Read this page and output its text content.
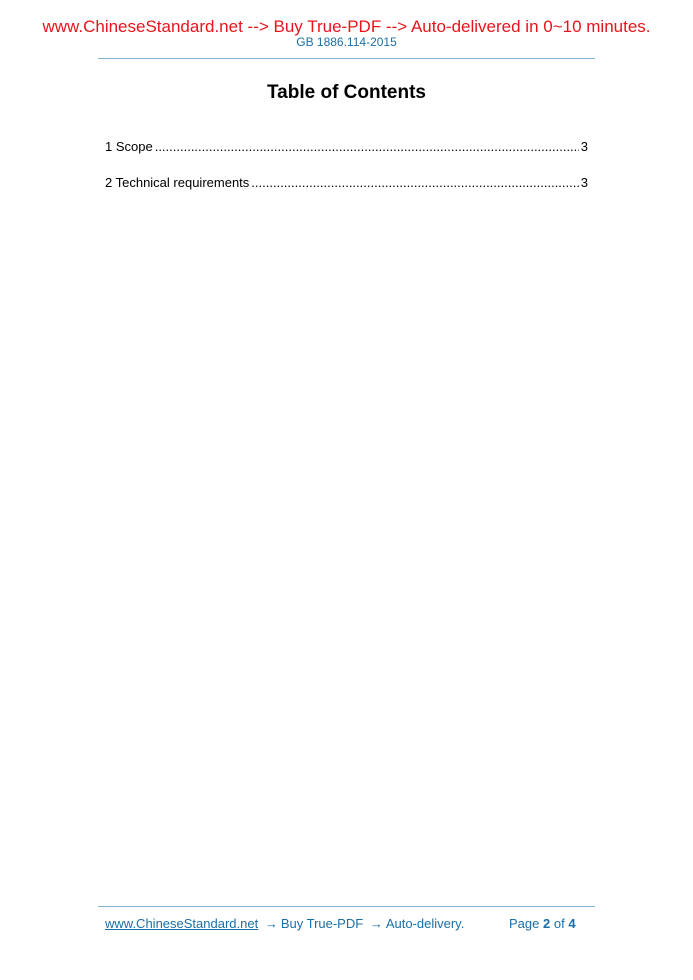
www.ChineseStandard.net --> Buy True-PDF --> Auto-delivered in 0~10 minutes.
GB 1886.114-2015
Table of Contents
1 Scope .....	3
2 Technical requirements .....	3
www.ChineseStandard.net → Buy True-PDF → Auto-delivery.	Page 2 of 4
